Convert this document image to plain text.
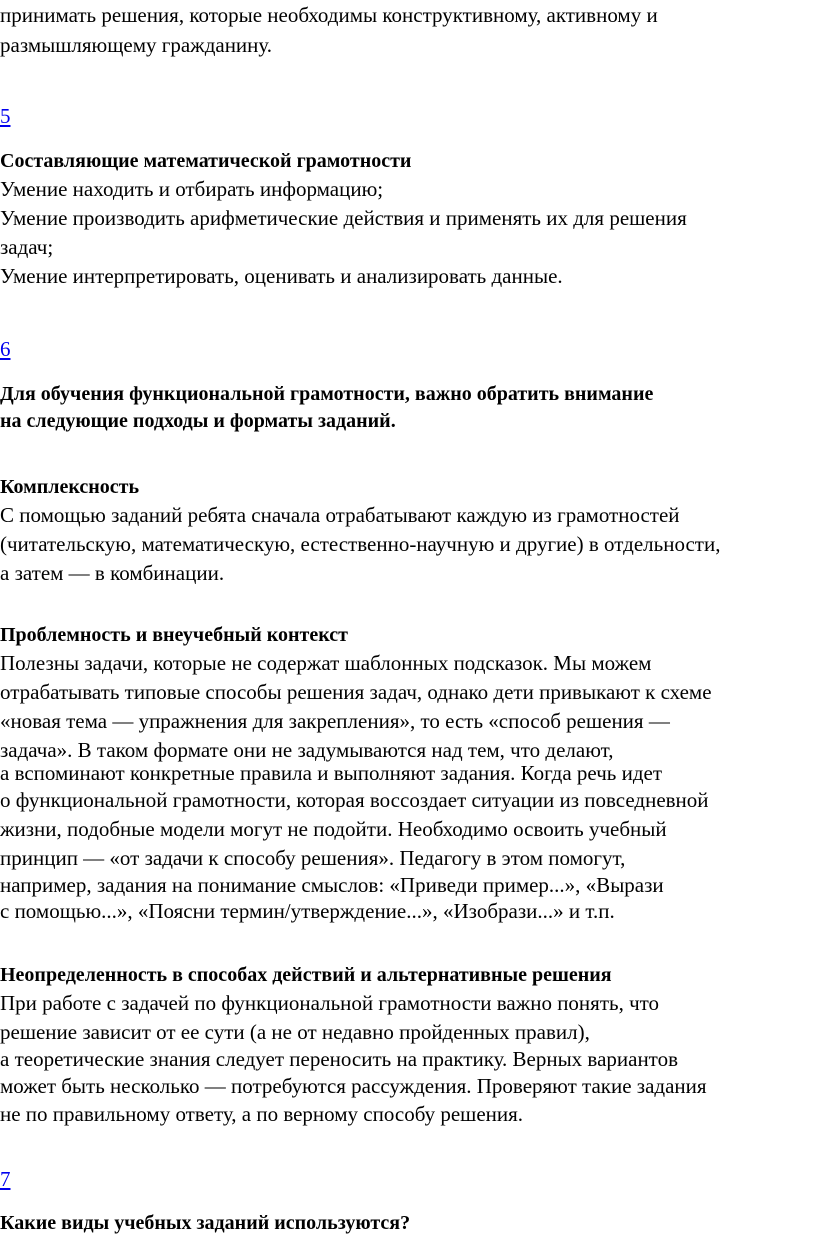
принимать решения, которые необходимы конструктивному, активному и
размышляющему гражданину.
5
Составляющие математической грамотности
Умение находить и отбирать информацию;
Умение производить арифметические действия и применять их для решения
задач;
Умение интерпретировать, оценивать и анализировать данные.
6
Для обучения функциональной грамотности, важно обратить внимание
на следующие подходы и форматы заданий.
Комплексность
С помощью заданий ребята сначала отрабатывают каждую из грамотностей
(читательскую, математическую, естественно-научную и другие) в отдельности,
а затем — в комбинации.
Проблемность и внеучебный контекст
Полезны задачи, которые не содержат шаблонных подсказок. Мы можем
отрабатывать типовые способы решения задач, однако дети привыкают к схеме
«новая тема — упражнения для закрепления», то есть «способ решения —
задача». В таком формате они не задумываются над тем, что делают,
а вспоминают конкретные правила и выполняют задания. Когда речь идет
о функциональной грамотности, которая воссоздает ситуации из повседневной
жизни, подобные модели могут не подойти. Необходимо освоить учебный
принцип — «от задачи к способу решения». Педагогу в этом помогут,
например, задания на понимание смыслов: «Приведи пример...», «Вырази
с помощью...», «Поясни термин/утверждение...», «Изобрази...» и т.п.
Неопределенность в способах действий и альтернативные решения
При работе с задачей по функциональной грамотности важно понять, что
решение зависит от ее сути (а не от недавно пройденных правил),
а теоретические знания следует переносить на практику. Верных вариантов
может быть несколько — потребуются рассуждения. Проверяют такие задания
не по правильному ответу, а по верному способу решения.
7
Какие виды учебных заданий используются?
